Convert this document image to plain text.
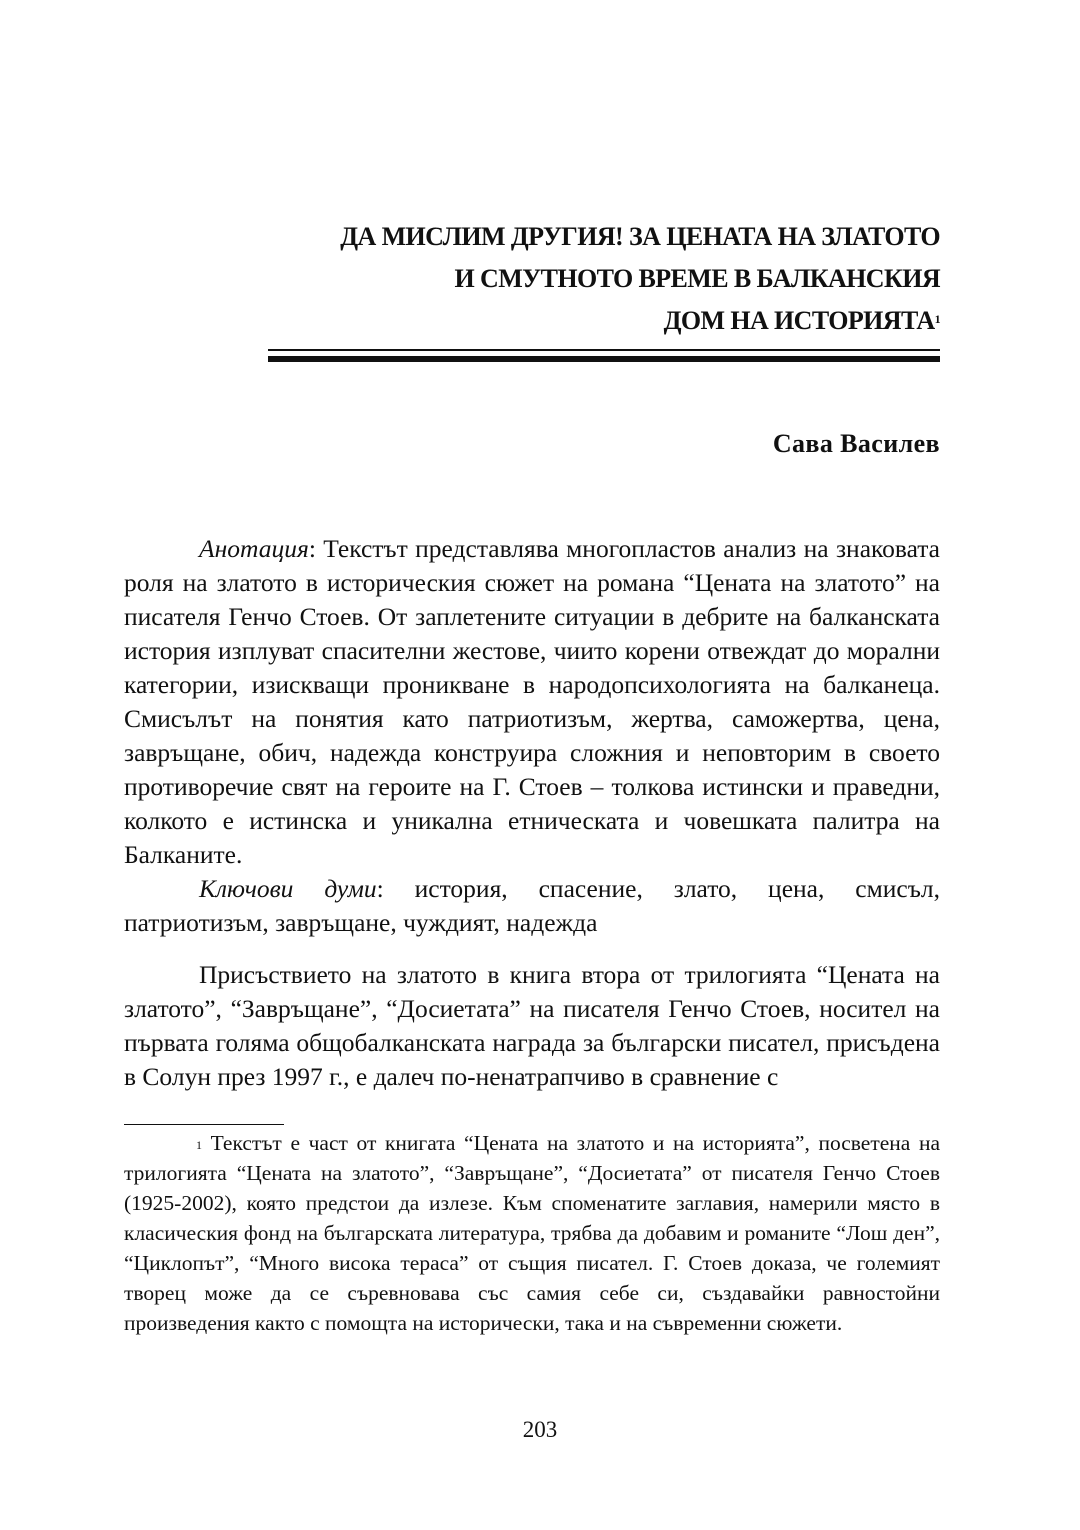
ДА МИСЛИМ ДРУГИЯ! ЗА ЦЕНАТА НА ЗЛАТОТО
И СМУТНОТО ВРЕМЕ В БАЛКАНСКИЯ
ДОМ НА ИСТОРИЯТА$^1$
Сава Василев

Анотация: Текстът представлява многопластов анализ на знаковата роля на златото в историческия сюжет на романа “Цената на златото” на писателя Генчо Стоев. От заплетените ситуации в дебрите на балканската история изплуват спасителни жестове, чиито корени отвеждат до морални категории, изискващи проникване в народопсихологията на балканеца. Смисълът на понятия като патриотизъм, жертва, саможертва, цена, завръщане, обич, надежда конструира сложния и неповторим в своето противоречие свят на героите на Г. Стоев – толкова истински и праведни, колкото е истинска и уникална етническата и човешката палитра на Балканите.

Ключови думи: история, спасение, злато, цена, смисъл, патриотизъм, завръщане, чуждият, надежда

Присъствието на златото в книга втора от трилогията “Цената на златото”, “Завръщане”, “Досиетата” на писателя Генчо Стоев, носител на първата голяма общобалканската награда за български писател, присъдена в Солун през 1997 г., е далеч по-ненатрапчиво в сравнение с

$^1$ Текстът е част от книгата “Цената на златото и на историята”, посветена на трилогията “Цената на златото”, “Завръщане”, “Досиетата” от писателя Генчо Стоев (1925-2002), която предстои да излезе. Към споменатите заглавия, намерили място в класическия фонд на българската литература, трябва да добавим и романите “Лош ден”, “Циклопът”, “Много висока тераса” от същия писател. Г. Стоев доказа, че големият творец може да се съревновава със самия себе си, създавайки равностойни произведения както с помощта на исторически, така и на съвременни сюжети.

203
